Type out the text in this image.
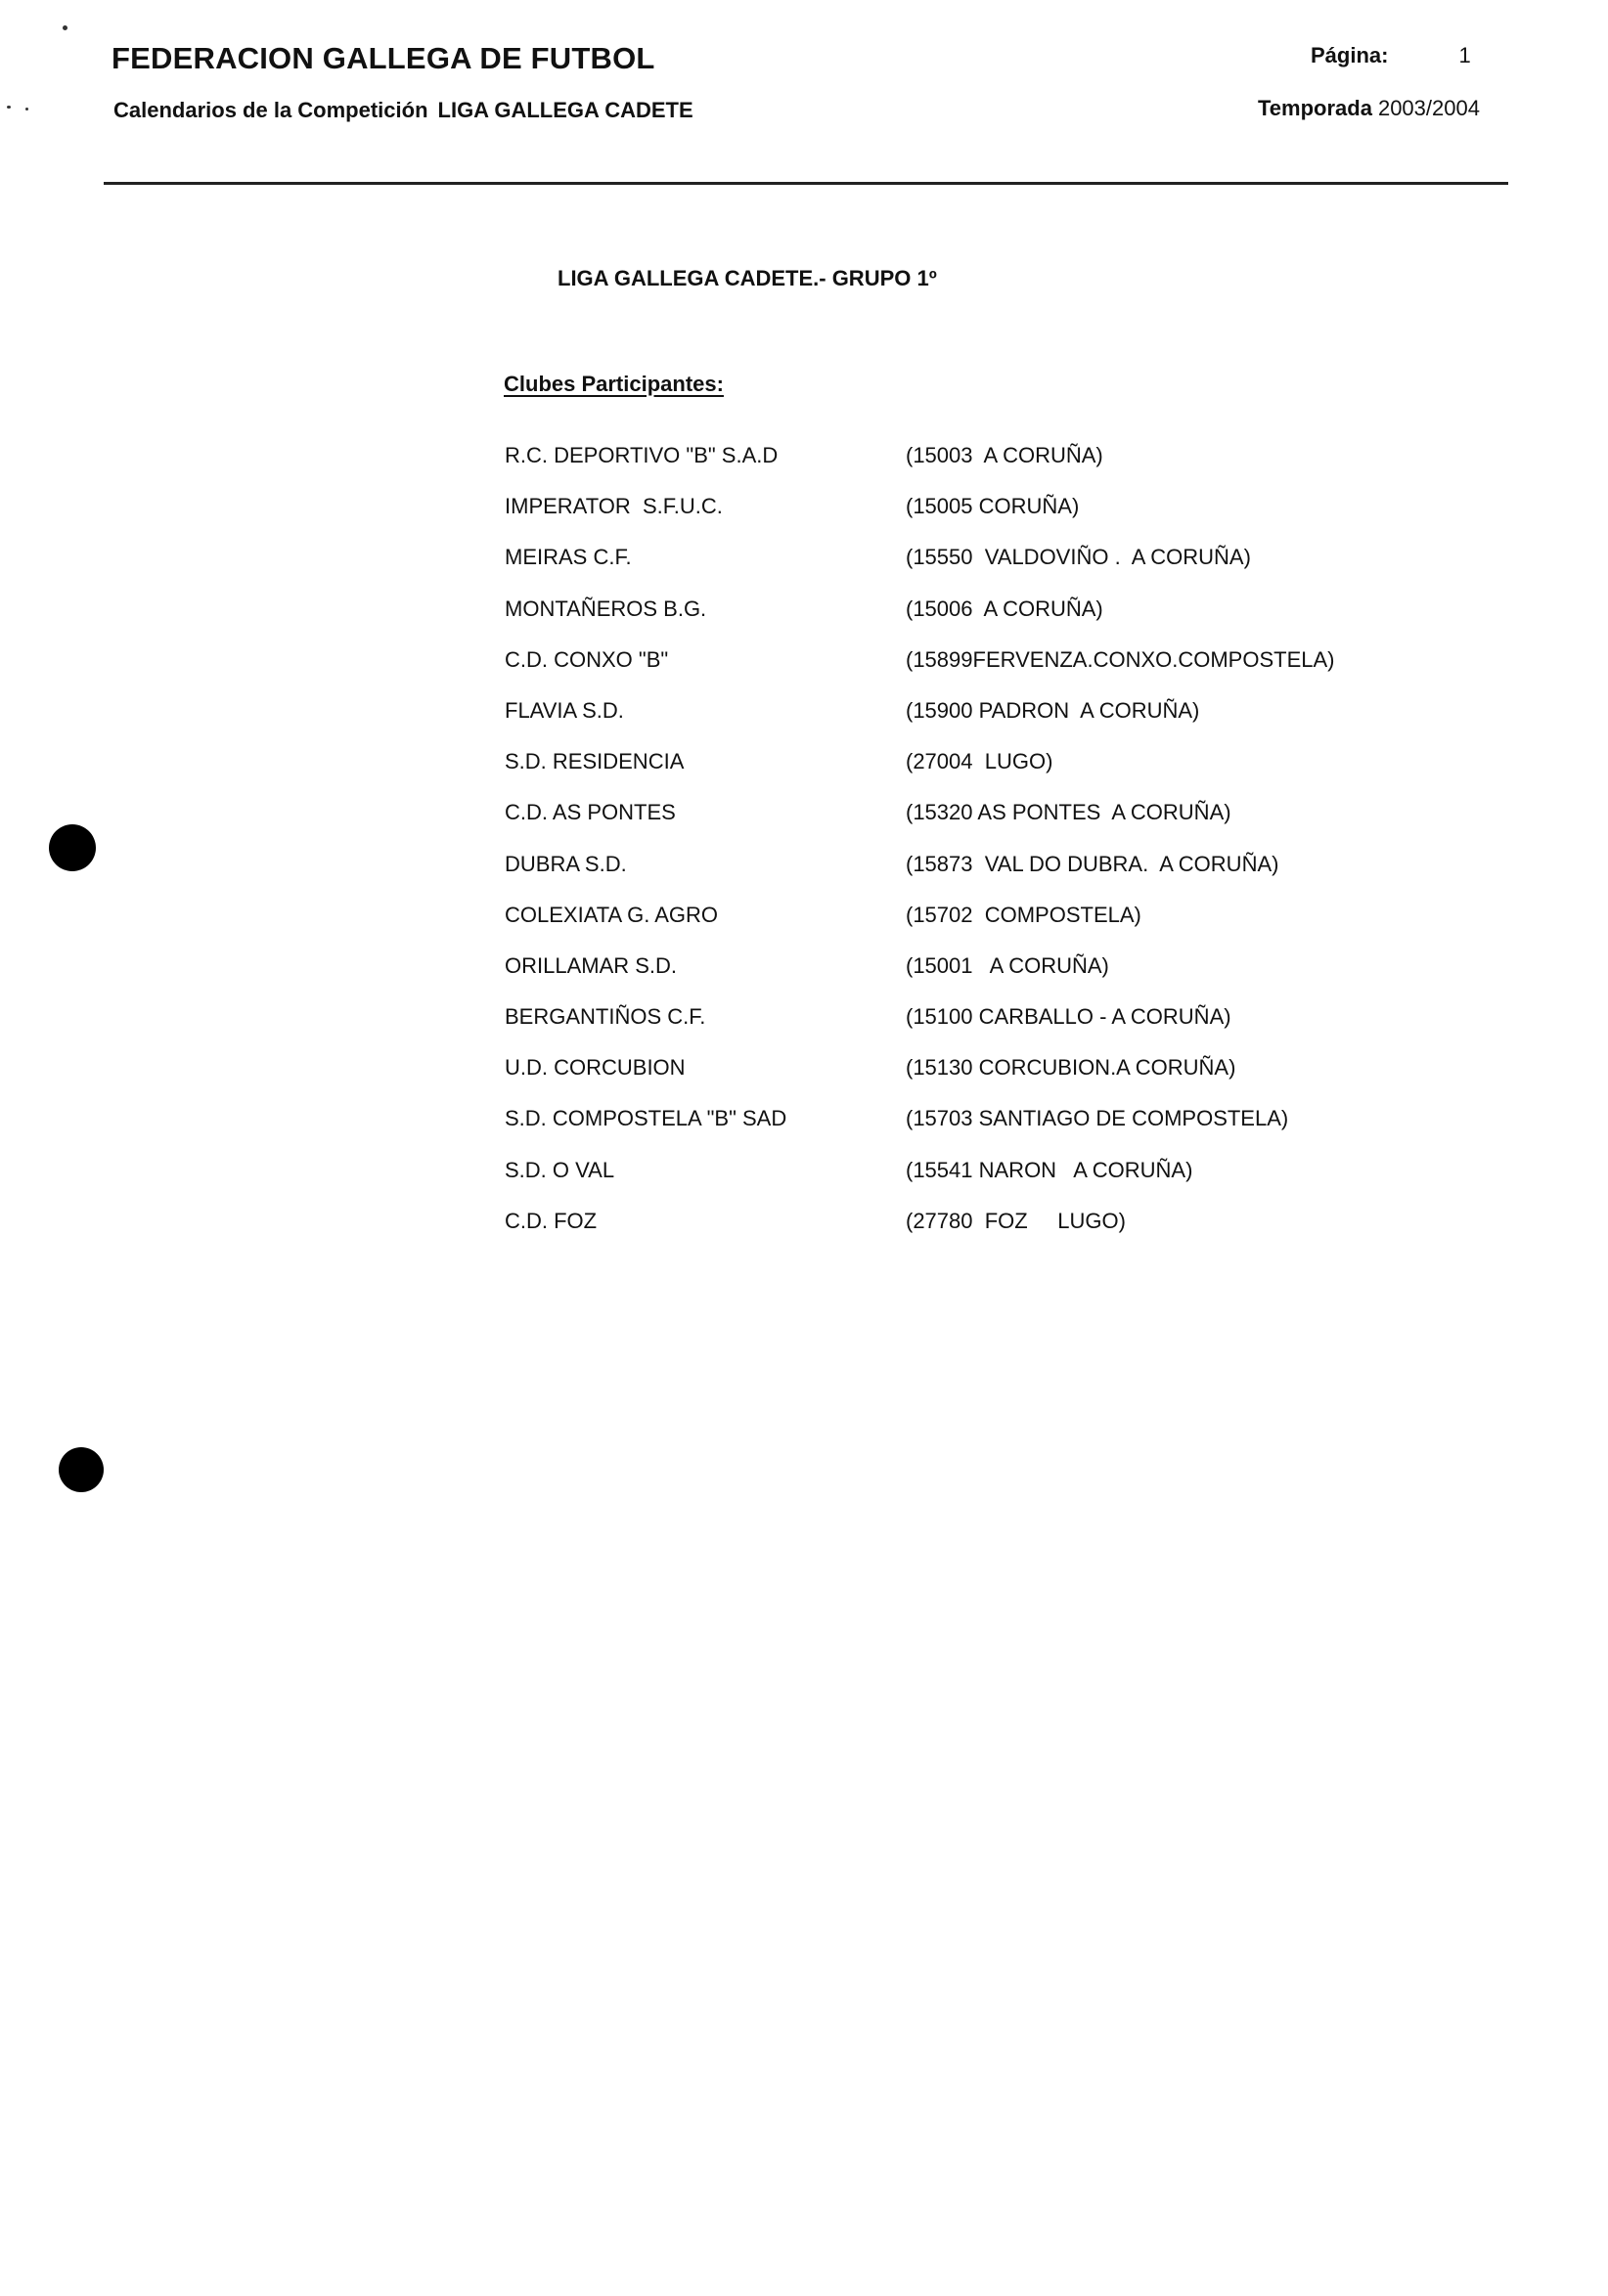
FEDERACION GALLEGA DE FUTBOL
Calendarios de la Competición LIGA GALLEGA CADETE
Página:	1
Temporada 2003/2004
LIGA GALLEGA CADETE.- GRUPO 1º
Clubes Participantes:
R.C. DEPORTIVO "B" S.A.D	(15003  A CORUÑA)
IMPERATOR  S.F.U.C.	(15005 CORUÑA)
MEIRAS C.F.	(15550  VALDOVIÑO .  A CORUÑA)
MONTAÑEROS B.G.	(15006  A CORUÑA)
C.D. CONXO "B"	(15899FERVENZA.CONXO.COMPOSTELA)
FLAVIA S.D.	(15900 PADRON  A CORUÑA)
S.D. RESIDENCIA	(27004  LUGO)
C.D. AS PONTES	(15320 AS PONTES  A CORUÑA)
DUBRA S.D.	(15873  VAL DO DUBRA.  A CORUÑA)
COLEXIATA G. AGRO	(15702  COMPOSTELA)
ORILLAMAR S.D.	(15001   A CORUÑA)
BERGANTIÑOS C.F.	(15100 CARBALLO - A CORUÑA)
U.D. CORCUBION	(15130 CORCUBION.A CORUÑA)
S.D. COMPOSTELA "B" SAD	(15703 SANTIAGO DE COMPOSTELA)
S.D. O VAL	(15541 NARON   A CORUÑA)
C.D. FOZ	(27780  FOZ     LUGO)
